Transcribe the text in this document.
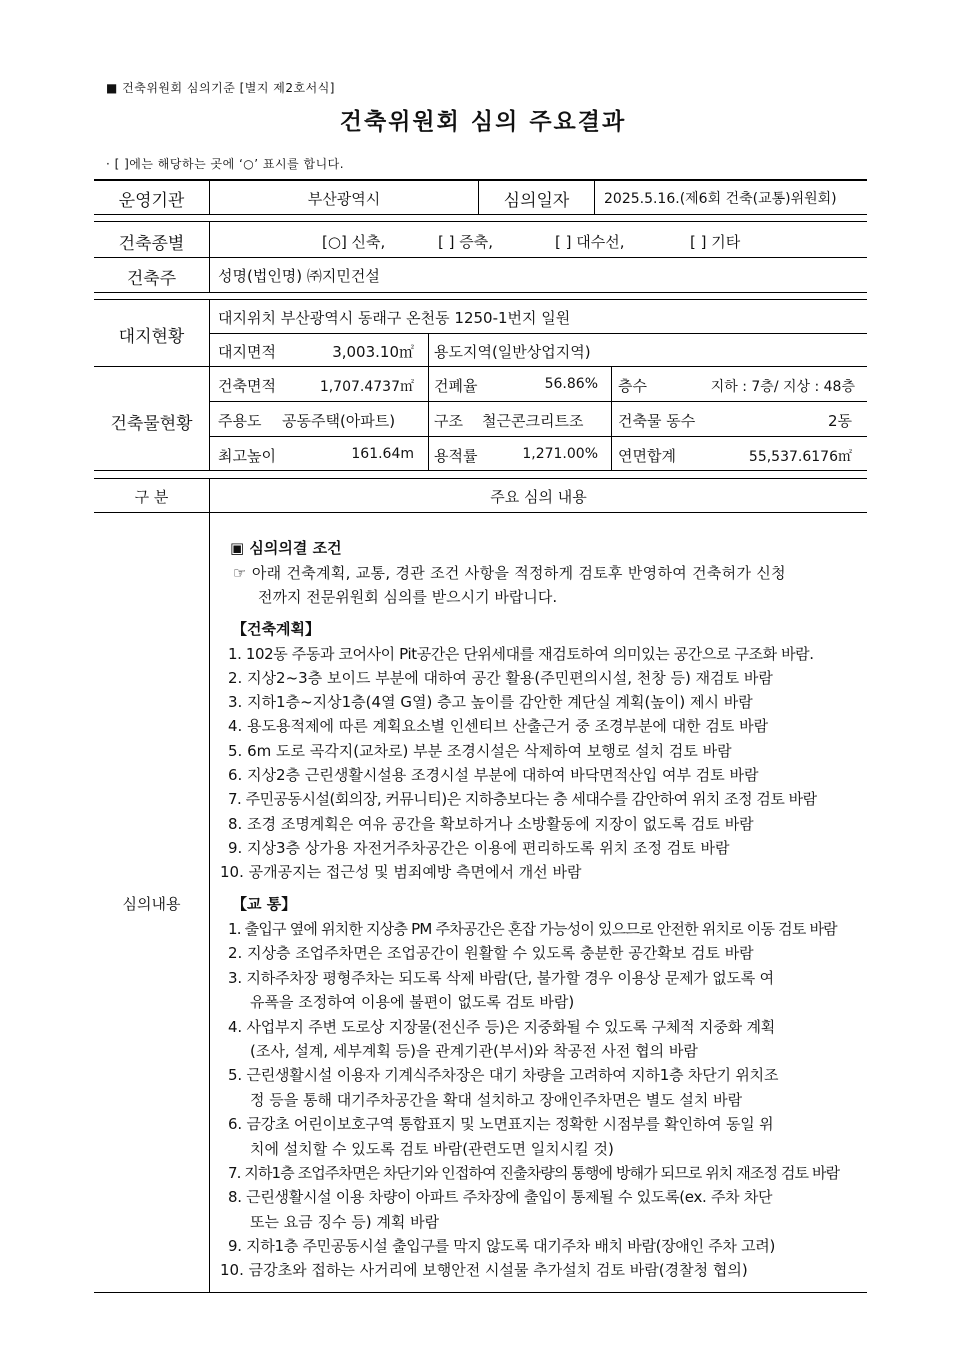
■ 건축위원회 심의기준 [별지 제2호서식]
건축위원회 심의 주요결과
· [ ]에는 해당하는 곳에 ‘○’ 표시를 합니다.
운영기관	부산광역시	심의일자	2025.5.16.(제6회 건축(교통)위원회)
건축종별	[○] 신축,	[ ] 증축,	[ ] 대수선,	[ ] 기타
건축주	성명(법인명) ㈜지민건설
대지현황
대지위치 부산광역시 동래구 온천동 1250-1번지 일원
대지면적	3,003.10㎡ 용도지역(일반상업지역)
건축물현황
건축면적	1,707.4737㎡ 건폐율	56.86% 층수	지하 : 7층/ 지상 : 48층
주용도 공동주택(아파트)	구조 철근콘크리트조 건축물 동수	2동
최고높이	161.64m 용적률	1,271.00% 연면합계	55,537.6176㎡
구 분	주요 심의 내용
심의내용
▣ 심의의결 조건
☞ 아래 건축계획, 교통, 경관 조건 사항을 적정하게 검토후 반영하여 건축허가 신청
전까지 전문위원회 심의를 받으시기 바랍니다.
【건축계획】
1. 102동 주동과 코어사이 Pit공간은 단위세대를 재검토하여 의미있는 공간으로 구조화 바람.
2. 지상2~3층 보이드 부분에 대하여 공간 활용(주민편의시설, 천창 등) 재검토 바람
3. 지하1층~지상1층(4열 G열) 층고 높이를 감안한 계단실 계획(높이) 제시 바람
4. 용도용적제에 따른 계획요소별 인센티브 산출근거 중 조경부분에 대한 검토 바람
5. 6m 도로 곡각지(교차로) 부분 조경시설은 삭제하여 보행로 설치 검토 바람
6. 지상2층 근린생활시설용 조경시설 부분에 대하여 바닥면적산입 여부 검토 바람
7. 주민공동시설(회의장, 커뮤니티)은 지하층보다는 층 세대수를 감안하여 위치 조정 검토 바람
8. 조경 조명계획은 여유 공간을 확보하거나 소방활동에 지장이 없도록 검토 바람
9. 지상3층 상가용 자전거주차공간은 이용에 편리하도록 위치 조정 검토 바람
10. 공개공지는 접근성 및 범죄예방 측면에서 개선 바람
【교 통】
1. 출입구 옆에 위치한 지상층 PM 주차공간은 혼잡 가능성이 있으므로 안전한 위치로 이동 검토 바람
2. 지상층 조업주차면은 조업공간이 원활할 수 있도록 충분한 공간확보 검토 바람
3. 지하주차장 평형주차는 되도록 삭제 바람(단, 불가할 경우 이용상 문제가 없도록 여
유폭을 조정하여 이용에 불편이 없도록 검토 바람)
4. 사업부지 주변 도로상 지장물(전신주 등)은 지중화될 수 있도록 구체적 지중화 계획
(조사, 설계, 세부계획 등)을 관계기관(부서)와 착공전 사전 협의 바람
5. 근린생활시설 이용자 기계식주차장은 대기 차량을 고려하여 지하1층 차단기 위치조
정 등을 통해 대기주차공간을 확대 설치하고 장애인주차면은 별도 설치 바람
6. 금강초 어린이보호구역 통합표지 및 노면표지는 정확한 시점부를 확인하여 동일 위
치에 설치할 수 있도록 검토 바람(관련도면 일치시킬 것)
7. 지하1층 조업주차면은 차단기와 인접하여 진출차량의 통행에 방해가 되므로 위치 재조정 검토 바람
8. 근린생활시설 이용 차량이 아파트 주차장에 출입이 통제될 수 있도록(ex. 주차 차단
또는 요금 징수 등) 계획 바람
9. 지하1층 주민공동시설 출입구를 막지 않도록 대기주차 배치 바람(장애인 주차 고려)
10. 금강초와 접하는 사거리에 보행안전 시설물 추가설치 검토 바람(경찰청 협의)
